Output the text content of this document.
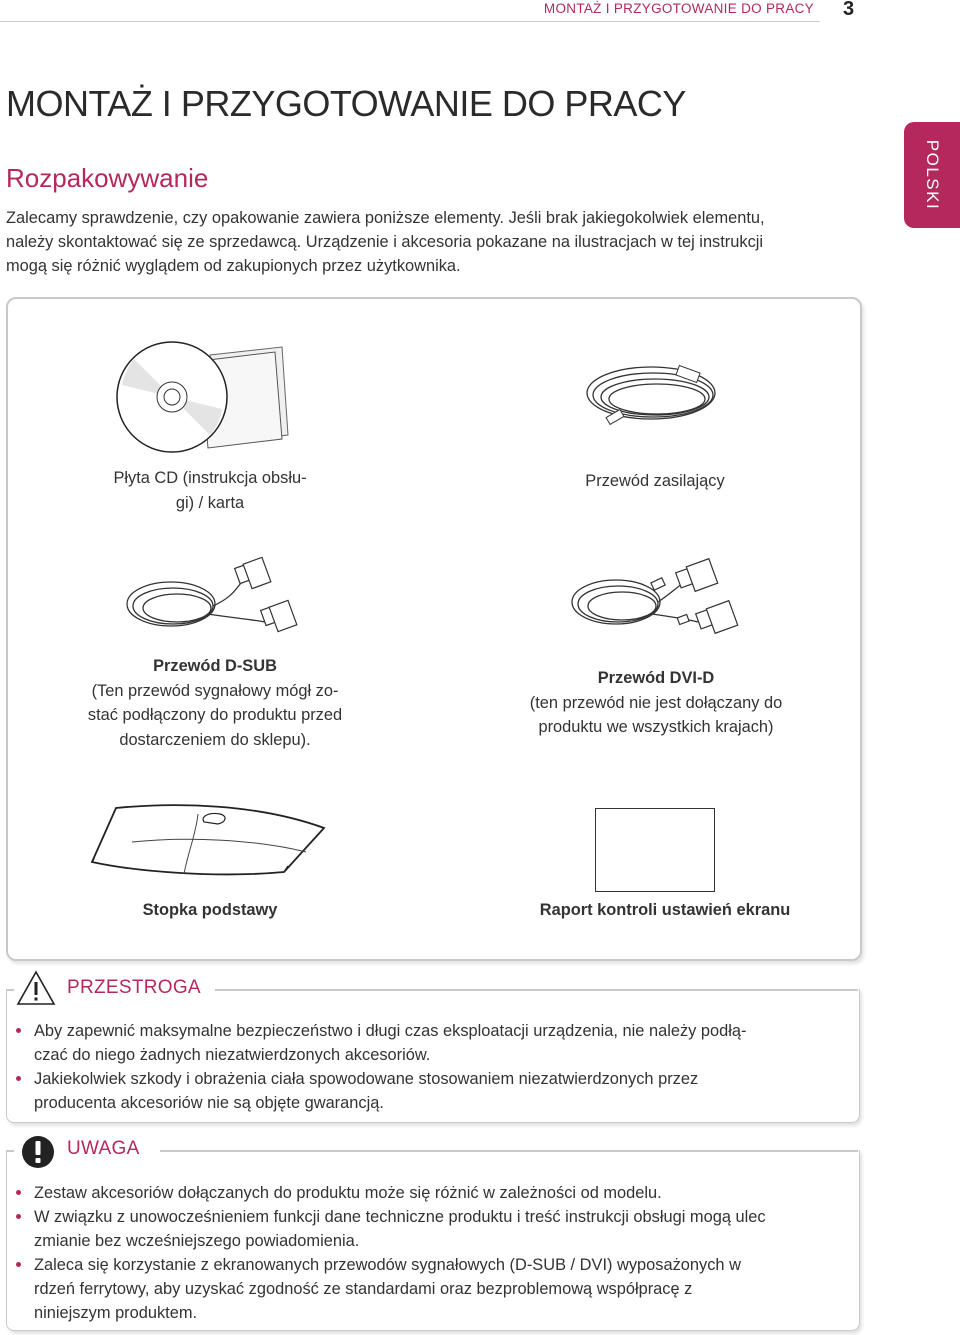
MONTAŻ I PRZYGOTOWANIE DO PRACY 3
POLSKI
MONTAŻ I PRZYGOTOWANIE DO PRACY
Rozpakowywanie
Zalecamy sprawdzenie, czy opakowanie zawiera poniższe elementy. Jeśli brak jakiegokolwiek elementu,
należy skontaktować się ze sprzedawcą. Urządzenie i akcesoria pokazane na ilustracjach w tej instrukcji
mogą się różnić wyglądem od zakupionych przez użytkownika.
Płyta CD (instrukcja obsłu-
gi) / karta
Przewód zasilający
Przewód D-SUB
(Ten przewód sygnałowy mógł zo-
stać podłączony do produktu przed
dostarczeniem do sklepu).
Przewód DVI-D
(ten przewód nie jest dołączany do
produktu we wszystkich krajach)
Stopka podstawy	Raport kontroli ustawień ekranu
PRZESTROGA
Aby zapewnić maksymalne bezpieczeństwo i długi czas eksploatacji urządzenia, nie należy podłą-
czać do niego żadnych niezatwierdzonych akcesoriów.
Jakiekolwiek szkody i obrażenia ciała spowodowane stosowaniem niezatwierdzonych przez
producenta akcesoriów nie są objęte gwarancją.
UWAGA
Zestaw akcesoriów dołączanych do produktu może się różnić w zależności od modelu.
W związku z unowocześnieniem funkcji dane techniczne produktu i treść instrukcji obsługi mogą ulec
zmianie bez wcześniejszego powiadomienia.
Zaleca się korzystanie z ekranowanych przewodów sygnałowych (D-SUB / DVI) wyposażonych w
rdzeń ferrytowy, aby uzyskać zgodność ze standardami oraz bezproblemową współpracę z
niniejszym produktem.
